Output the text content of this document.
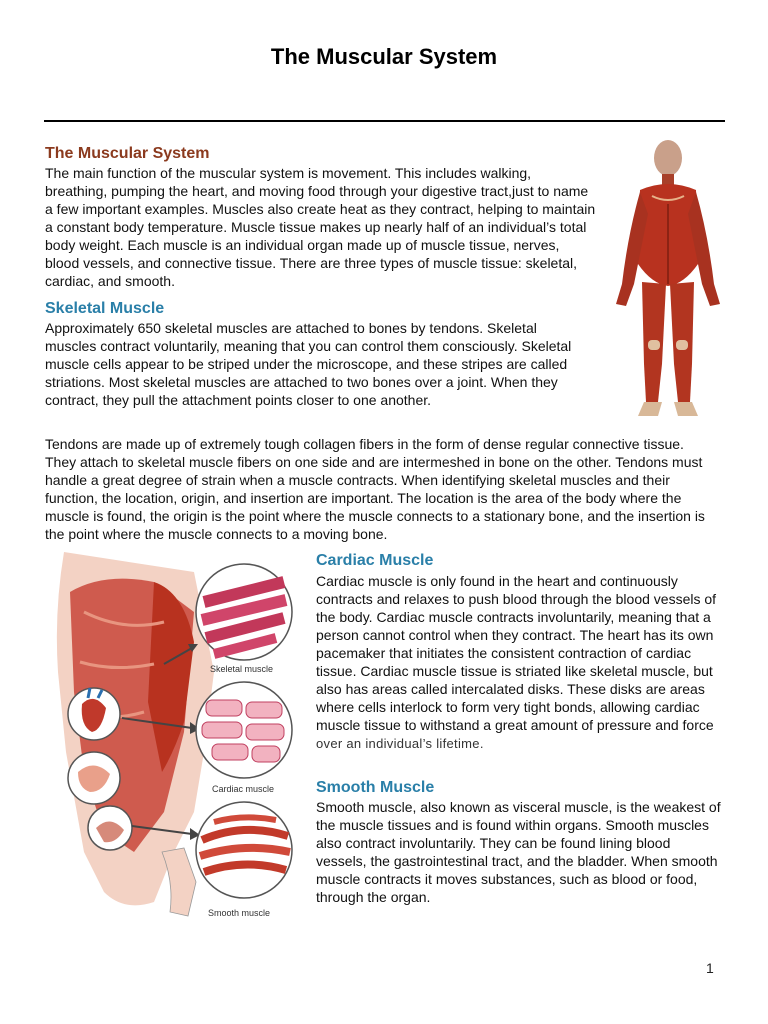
The Muscular System
The Muscular System
The main function of the muscular system is movement. This includes walking, breathing, pumping the heart, and moving food through your digestive tract,just to name a few important examples. Muscles also create heat as they contract, helping to maintain a constant body temperature. Muscle tissue makes up nearly half of an individual’s total body weight. Each muscle is an individual organ made up of muscle tissue, nerves, blood vessels, and connective tissue. There are three types of muscle tissue: skeletal, cardiac, and smooth.
Skeletal Muscle
Approximately 650 skeletal muscles are attached to bones by tendons. Skeletal muscles contract voluntarily, meaning that you can control them consciously. Skeletal muscle cells appear to be striped under the microscope, and these stripes are called striations. Most skeletal muscles are attached to two bones over a joint. When they contract, they pull the attachment points closer to one another.
Tendons are made up of extremely tough collagen fibers in the form of dense regular connective tissue. They attach to skeletal muscle fibers on one side and are intermeshed in bone on the other. Tendons must handle a great degree of strain when a muscle contracts. When identifying skeletal muscles and their function, the location, origin, and insertion are important. The location is the area of the body where the muscle is found, the origin is the point where the muscle connects to a stationary bone, and the insertion is the point where the muscle connects to a moving bone.
Cardiac Muscle
Cardiac muscle is only found in the heart and continuously contracts and relaxes to push blood through the blood vessels of the body. Cardiac muscle contracts involuntarily, meaning that a person cannot control when they contract. The heart has its own pacemaker that initiates the consistent contraction of cardiac tissue. Cardiac muscle tissue is striated like skeletal muscle, but also has areas called intercalated disks. These disks are areas where cells interlock to form very tight bonds, allowing cardiac muscle tissue to withstand a great amount of pressure and force
over an individual’s lifetime.
Smooth Muscle
Smooth muscle, also known as visceral muscle, is the weakest of the muscle tissues and is found within organs. Smooth muscles also contract involuntarily. They can be found lining blood vessels, the gastrointestinal tract, and the bladder. When smooth muscle contracts it moves substances, such as blood or food, through the organ.
Skeletal muscle
Cardiac muscle
Smooth muscle
1
